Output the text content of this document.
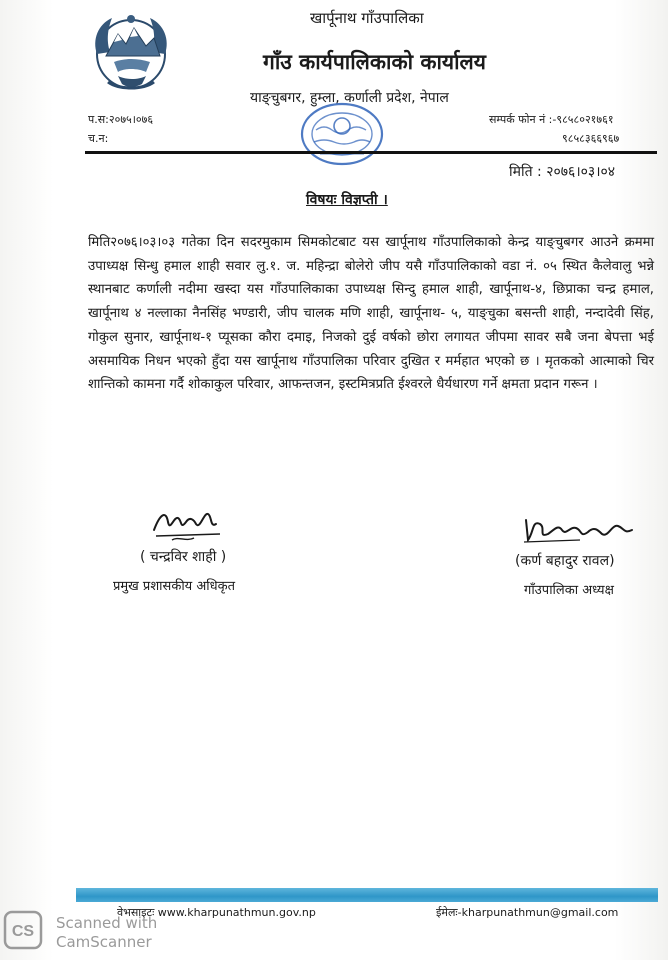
खार्पूनाथ गाँउपालिका
गाँउ कार्यपालिकाको कार्यालय
याङ्‌चुबगर, हुम्ला, कर्णाली प्रदेश, नेपाल
प.स:२०७५।०७६
च.न:
सम्पर्क फोन नं :-९८५८०२१७६१
९८५८३६६९६७
मिति : २०७६।०३।०४
विषयः विज्ञप्ती ।
मिति२०७६।०३।०३ गतेका दिन सदरमुकाम सिमकोटबाट यस खार्पूनाथ गाँउपालिकाको केन्द्र याङ्चुबगर आउने क्रममा उपाध्यक्ष सिन्धु हमाल शाही सवार लु.१. ज. महिन्द्रा बोलेरो जीप यसै गाँउपालिकाको वडा नं. ०५ स्थित कैलेवालु भन्ने स्थानबाट कर्णाली नदीमा खस्दा यस गाँउपालिकाका उपाध्यक्ष सिन्दु हमाल शाही, खार्पूनाथ-४, छिप्राका चन्द्र हमाल, खार्पूनाथ ४ नल्लाका नैनसिंह भण्डारी, जीप चालक मणि शाही, खार्पूनाथ- ५, याङ्चुका बसन्ती शाही, नन्दादेवी सिंह, गोकुल सुनार, खार्पूनाथ-१ प्यूसका कौरा दमाइ, निजको दुई वर्षको छोरा लगायत जीपमा सावर सबै जना बेपत्ता भई असमायिक निधन भएको हुँदा यस खार्पूनाथ गाँउपालिका परिवार दुखित र मर्महात भएको छ । मृतकको आत्माको चिर शान्तिको कामना गर्दै शोकाकुल परिवार, आफन्तजन, इस्टमित्रप्रति ईश्वरले धैर्यधारण गर्ने क्षमता प्रदान गरून ।
( चन्द्रविर शाही )
प्रमुख प्रशासकीय अधिकृत
(कर्ण बहादुर रावल)
गाँउपालिका अध्यक्ष
वेभसाइटः www.kharpunathmun.gov.np	ईमेलः-kharpunathmun@gmail.com
CS Scanned with
CamScanner
